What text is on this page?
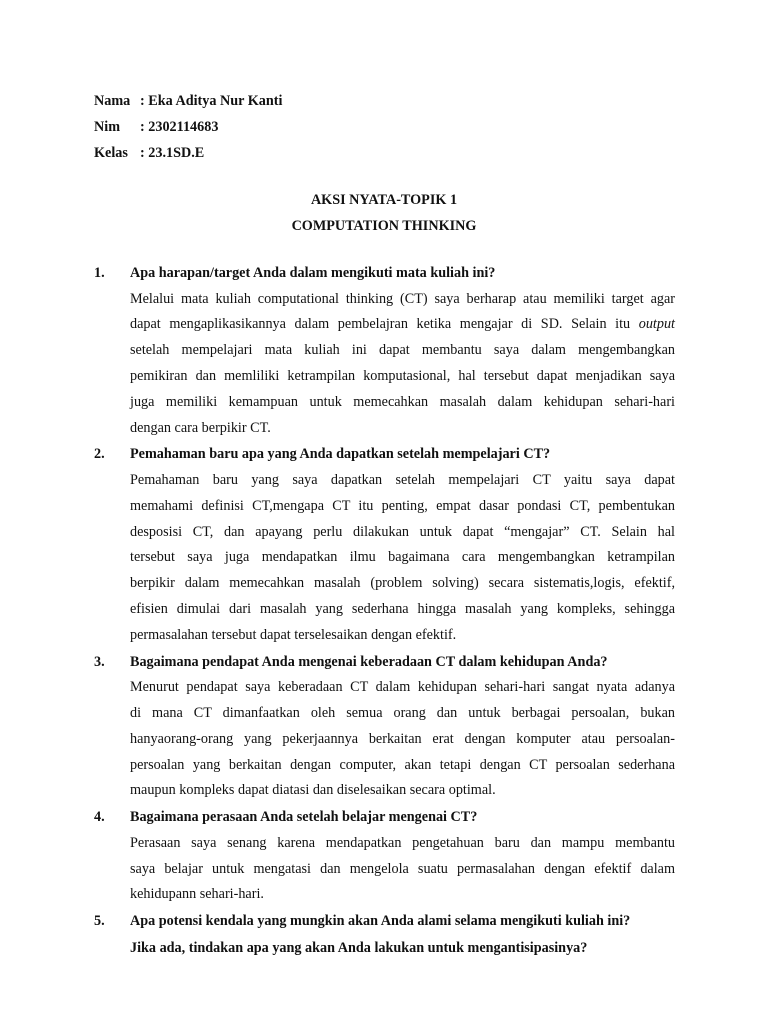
Nama : Eka Aditya Nur Kanti
Nim	: 2302114683
Kelas : 23.1SD.E
AKSI NYATA-TOPIK 1
COMPUTATION THINKING
1.	Apa harapan/target Anda dalam mengikuti mata kuliah ini?

Melalui mata kuliah computational thinking (CT) saya berharap atau memiliki target agar
dapat mengaplikasikannya dalam pembelajran ketika mengajar di SD. Selain itu output
setelah mempelajari mata kuliah ini dapat membantu saya dalam mengembangkan
pemikiran dan memliliki ketrampilan komputasional, hal tersebut dapat menjadikan saya
juga memiliki kemampuan untuk memecahkan masalah dalam kehidupan sehari-hari
dengan cara berpikir CT.

2.	Pemahaman baru apa yang Anda dapatkan setelah mempelajari CT?

Pemahaman baru yang saya dapatkan setelah mempelajari CT yaitu saya dapat
memahami definisi CT,mengapa CT itu penting, empat dasar pondasi CT, pembentukan
desposisi CT, dan apayang perlu dilakukan untuk dapat “mengajar” CT. Selain hal
tersebut saya juga mendapatkan ilmu bagaimana cara mengembangkan ketrampilan
berpikir dalam memecahkan masalah (problem solving) secara sistematis,logis, efektif,
efisien dimulai dari masalah yang sederhana hingga masalah yang kompleks, sehingga
permasalahan tersebut dapat terselesaikan dengan efektif.

3.	Bagaimana pendapat Anda mengenai keberadaan CT dalam kehidupan Anda?

Menurut pendapat saya keberadaan CT dalam kehidupan sehari-hari sangat nyata adanya
di mana CT dimanfaatkan oleh semua orang dan untuk berbagai persoalan, bukan
hanyaorang-orang yang pekerjaannya berkaitan erat dengan komputer atau persoalan-
persoalan yang berkaitan dengan computer, akan tetapi dengan CT persoalan sederhana
maupun kompleks dapat diatasi dan diselesaikan secara optimal.

4.	Bagaimana perasaan Anda setelah belajar mengenai CT?

Perasaan saya senang karena mendapatkan pengetahuan baru dan mampu membantu
saya belajar untuk mengatasi dan mengelola suatu permasalahan dengan efektif dalam
kehidupann sehari-hari.

5.	Apa potensi kendala yang mungkin akan Anda alami selama mengikuti kuliah ini?
Jika ada, tindakan apa yang akan Anda lakukan untuk mengantisipasinya?
